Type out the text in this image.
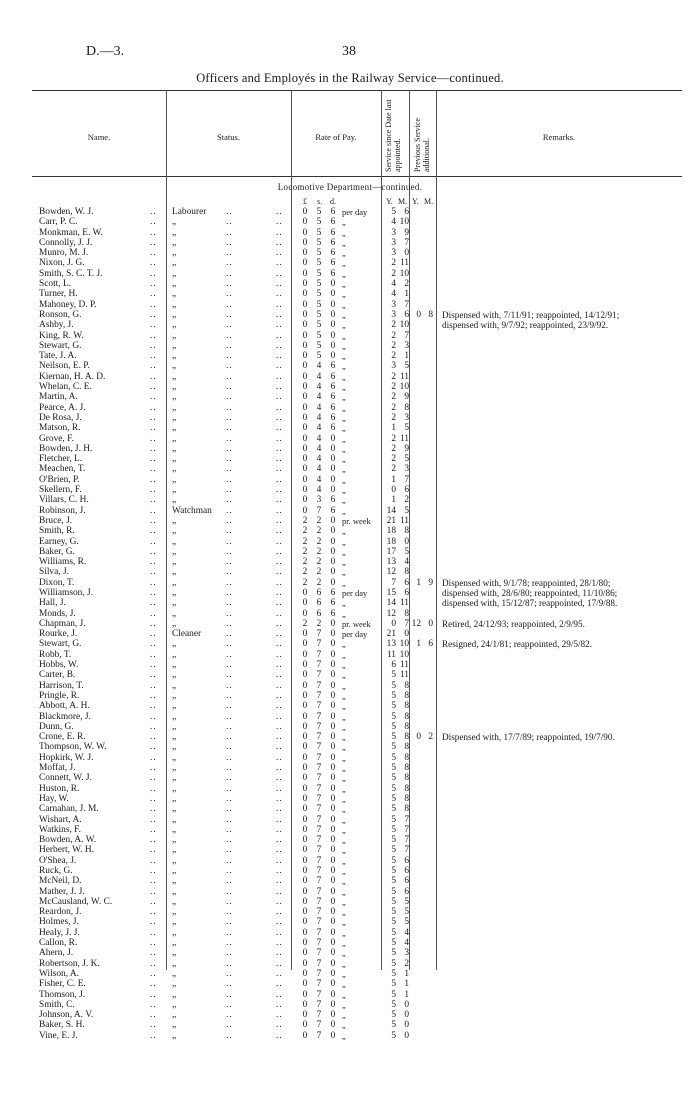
D.—3.	38
Officers and Employés in the Railway Service—continued.
Name.	Status.	Rate of Pay.	Service since Date last appointed. Previous Service additional.
Remarks.
Locomotive Department—continued.
£ s. d.	Y. M. Y. M.
Bowden, W. J.	.. Labourer ..	.. 0 5 6 per day	5 6
Carr, P. C.	.. „	..	.. 0 5 6 „	4 10
Monkman, E. W.	.. „	..	.. 0 5 6 „	3 9
Connolly, J. J.	.. „	..	.. 0 5 6 „	3 7
Munro, M. J.	.. „	..	.. 0 5 6 „	3 0
Nixon, J. G.	.. „	..	.. 0 5 6 „	2 11
Smith, S. C. T. J.	.. „	..	.. 0 5 6 „	2 10
Scott, L.	.. „	..	.. 0 5 0 „	4 2
Turner, H.	.. „	..	.. 0 5 0 „	4 1
Mahoney, D. P.	.. „	..	.. 0 5 0 „	3 7
Ronson, G.	.. „	..	.. 0 5 0 „	3 6 0 8 Dispensed with, 7/11/91; reappointed, 14/12/91;
Ashby, J.	.. „	..	.. 0 5 0 „	2 10	dispensed with, 9/7/92; reappointed, 23/9/92.
King, R. W.	.. „	..	.. 0 5 0 „	2 7
Stewart, G.	.. „	..	.. 0 5 0 „	2 3
Tate, J. A.	.. „	..	.. 0 5 0 „	2 1
Neilson, E. P.	.. „	..	.. 0 4 6 „	3 5
Kiernan, H. A. D.	.. „	..	.. 0 4 6 „	2 11
Whelan, C. E.	.. „	..	.. 0 4 6 „	2 10
Martin, A.	.. „	..	.. 0 4 6 „	2 9
Pearce, A. J.	.. „	..	.. 0 4 6 „	2 8
De Rosa, J.	.. „	..	.. 0 4 6 „	2 3
Matson, R.	.. „	..	.. 0 4 6 „	1 5
Grove, F.	.. „	..	.. 0 4 0 „	2 11
Bowden, J. H.	.. „	..	.. 0 4 0 „	2 9
Fletcher, L.	.. „	..	.. 0 4 0 „	2 5
Meachen, T.	.. „	..	.. 0 4 0 „	2 3
O'Brien, P.	.. „	..	.. 0 4 0 „	1 7
Skellern, F.	.. „	..	.. 0 4 0 „	0 6
Villars, C. H.	.. „	..	.. 0 3 6 „	1 2
Robinson, J.	.. Watchman ..	.. 0 7 6 „	14 5
Bruce, J.	.. „	..	.. 2 2 0 pr. week 21 11
Smith, R.	.. „	..	.. 2 2 0 „	18 8
Earney, G.	.. „	..	.. 2 2 0 „	18 0
Baker, G.	.. „	..	.. 2 2 0 „	17 5
Williams, R.	.. „	..	.. 2 2 0 „	13 4
Silva, J.	.. „	..	.. 2 2 0 „	12 8
Dixon, T.	.. „	..	.. 2 2 0 „	7 6 1 9 Dispensed with, 9/1/78; reappointed, 28/1/80;
Williamson, J.	.. „	..	.. 0 6 6 per day 15 6	dispensed with, 28/6/80; reappointed, 11/10/86;
Hall, J.	.. „	..	.. 0 6 6 „	14 11	dispensed with, 15/12/87; reappointed, 17/9/88.
Monds, J.	.. „	..	.. 0 6 6 „	12 8
Chapman, J.	.. „	..	.. 2 2 0 pr. week	0 7 12 0 Retired, 24/12/93; reappointed, 2/9/95.
Rourke, J.	.. Cleaner	..	.. 0 7 0 per day 21 0
Stewart, G.	.. „	..	.. 0 7 0 „	13 10 1 6 Resigned, 24/1/81; reappointed, 29/5/82.
Robb, T.	.. „	..	.. 0 7 0 „	11 10
Hobbs, W.	.. „	..	.. 0 7 0 „	6 11
Carter, B.	.. „	..	.. 0 7 0 „	5 11
Harrison, T.	.. „	..	.. 0 7 0 „	5 8
Pringle, R.	.. „	..	.. 0 7 0 „	5 8
Abbott, A. H.	.. „	..	.. 0 7 0 „	5 8
Blackmore, J.	.. „	..	.. 0 7 0 „	5 8
Dunn, G.	.. „	..	.. 0 7 0 „	5 8
Crone, E. R.	.. „	..	.. 0 7 0 „	5 8 0 2 Dispensed with, 17/7/89; reappointed, 19/7/90.
Thompson, W. W.	.. „	..	.. 0 7 0 „	5 8
Hopkirk, W. J.	.. „	..	.. 0 7 0 „	5 8
Moffat, J.	.. „	..	.. 0 7 0 „	5 8
Connett, W. J.	.. „	..	.. 0 7 0 „	5 8
Huston, R.	.. „	..	.. 0 7 0 „	5 8
Hay, W.	.. „	..	.. 0 7 0 „	5 8
Carnahan, J. M.	.. „	..	.. 0 7 0 „	5 8
Wishart, A.	.. „	..	.. 0 7 0 „	5 7
Watkins, F.	.. „	..	.. 0 7 0 „	5 7
Bowden, A. W.	.. „	..	.. 0 7 0 „	5 7
Herbert, W. H.	.. „	..	.. 0 7 0 „	5 7
O'Shea, J.	.. „	..	.. 0 7 0 „	5 6
Ruck, G.	.. „	..	.. 0 7 0 „	5 6
McNeil, D.	.. „	..	.. 0 7 0 „	5 6
Mather, J. J.	.. „	..	.. 0 7 0 „	5 6
McCausland, W. C.	.. „	..	.. 0 7 0 „	5 5
Reardon, J.	.. „	..	.. 0 7 0 „	5 5
Holmes, J.	.. „	..	.. 0 7 0 „	5 5
Healy, J. J.	.. „	..	.. 0 7 0 „	5 4
Callon, R.	.. „	..	.. 0 7 0 „	5 4
Ahern, J.	.. „	..	.. 0 7 0 „	5 3
Robertson, J. K.	.. „	..	.. 0 7 0 „	5 2
Wilson, A.	.. „	..	.. 0 7 0 „	5 1
Fisher, C. E.	.. „	..	.. 0 7 0 „	5 1
Thomson, J.	.. „	..	.. 0 7 0 „	5 1
Smith, C.	.. „	..	.. 0 7 0 „	5 0
Johnson, A. V.	.. „	..	.. 0 7 0 „	5 0
Baker, S. H.	.. „	..	.. 0 7 0 „	5 0
Vine, E. J.	.. „	..	.. 0 7 0 „	5 0
